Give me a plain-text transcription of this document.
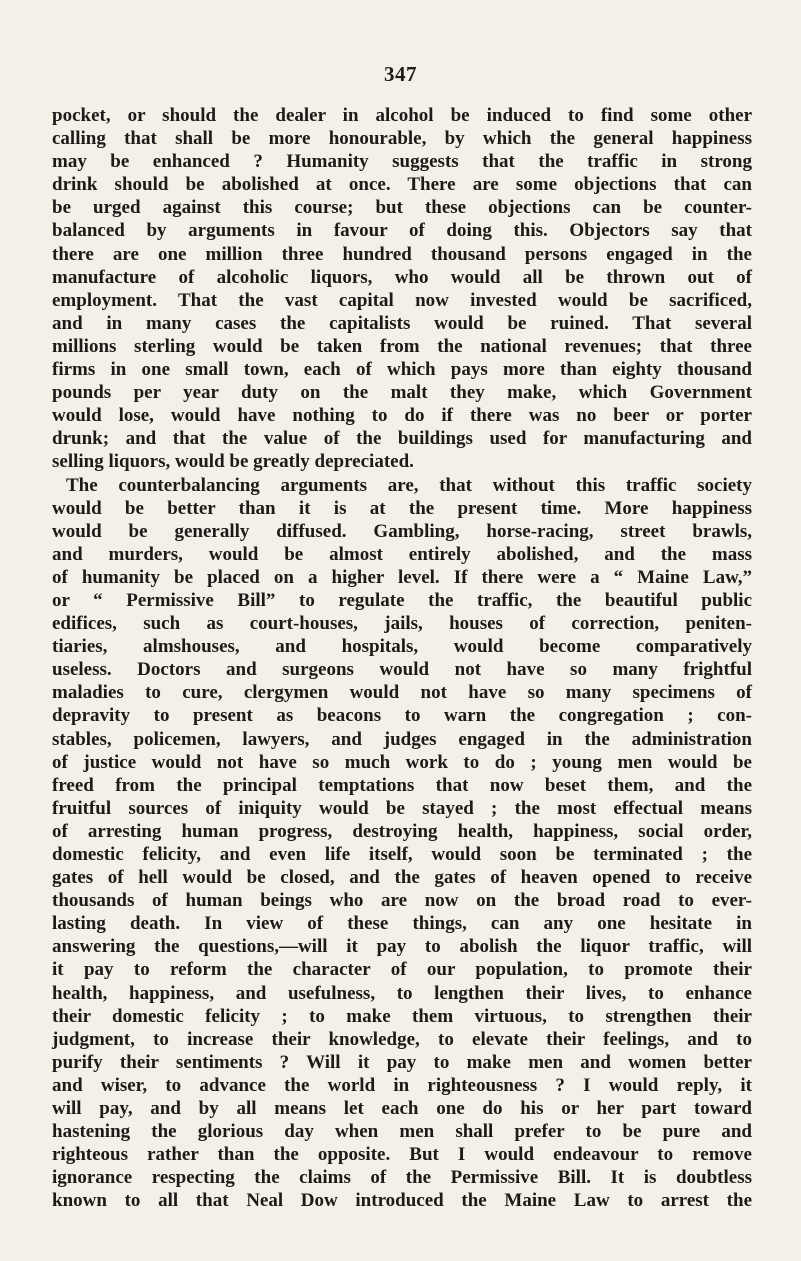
347
pocket, or should the dealer in alcohol be induced to find some other
calling that shall be more honourable, by which the general happiness
may be enhanced ? Humanity suggests that the traffic in strong
drink should be abolished at once. There are some objections that can
be urged against this course; but these objections can be counter-
balanced by arguments in favour of doing this. Objectors say that
there are one million three hundred thousand persons engaged in the
manufacture of alcoholic liquors, who would all be thrown out of
employment. That the vast capital now invested would be sacrificed,
and in many cases the capitalists would be ruined. That several
millions sterling would be taken from the national revenues; that three
firms in one small town, each of which pays more than eighty thousand
pounds per year duty on the malt they make, which Government
would lose, would have nothing to do if there was no beer or porter
drunk; and that the value of the buildings used for manufacturing and
selling liquors, would be greatly depreciated.
The counterbalancing arguments are, that without this traffic society
would be better than it is at the present time. More happiness
would be generally diffused. Gambling, horse-racing, street brawls,
and murders, would be almost entirely abolished, and the mass
of humanity be placed on a higher level. If there were a “ Maine Law,”
or “ Permissive Bill” to regulate the traffic, the beautiful public
edifices, such as court-houses, jails, houses of correction, peniten-
tiaries, almshouses, and hospitals, would become comparatively
useless. Doctors and surgeons would not have so many frightful
maladies to cure, clergymen would not have so many specimens of
depravity to present as beacons to warn the congregation ; con-
stables, policemen, lawyers, and judges engaged in the administration
of justice would not have so much work to do ; young men would be
freed from the principal temptations that now beset them, and the
fruitful sources of iniquity would be stayed ; the most effectual means
of arresting human progress, destroying health, happiness, social order,
domestic felicity, and even life itself, would soon be terminated ; the
gates of hell would be closed, and the gates of heaven opened to receive
thousands of human beings who are now on the broad road to ever-
lasting death. In view of these things, can any one hesitate in
answering the questions,—will it pay to abolish the liquor traffic, will
it pay to reform the character of our population, to promote their
health, happiness, and usefulness, to lengthen their lives, to enhance
their domestic felicity ; to make them virtuous, to strengthen their
judgment, to increase their knowledge, to elevate their feelings, and to
purify their sentiments ? Will it pay to make men and women better
and wiser, to advance the world in righteousness ? I would reply, it
will pay, and by all means let each one do his or her part toward
hastening the glorious day when men shall prefer to be pure and
righteous rather than the opposite. But I would endeavour to remove
ignorance respecting the claims of the Permissive Bill. It is doubtless
known to all that Neal Dow introduced the Maine Law to arrest the
